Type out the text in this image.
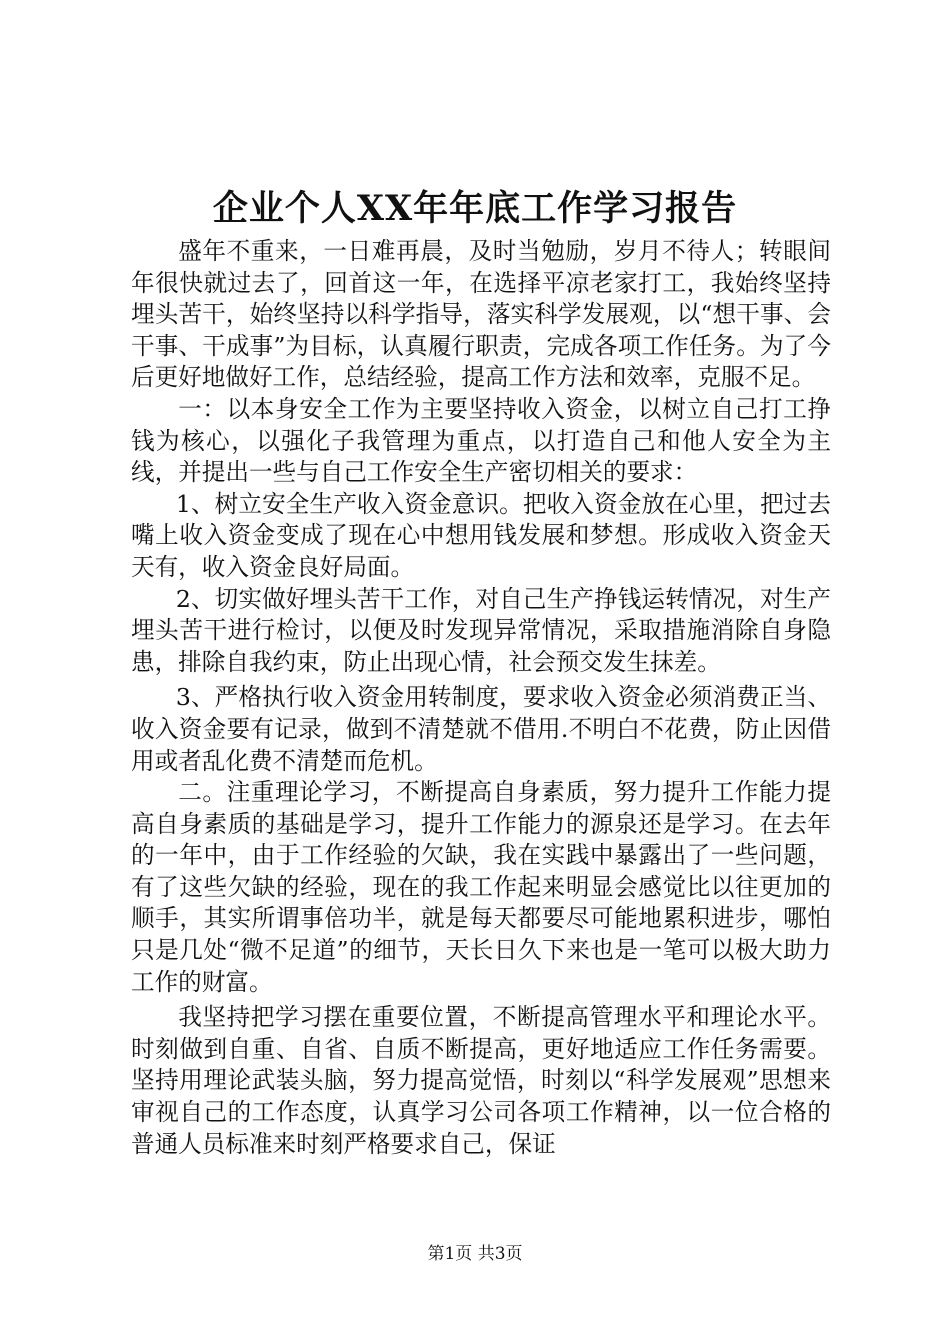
企业个人XX年年底工作学习报告

盛年不重来，一日难再晨，及时当勉励，岁月不待人；转眼间年很快就过去了，回首这一年，在选择平凉老家打工，我始终坚持埋头苦干，始终坚持以科学指导，落实科学发展观，以“想干事、会干事、干成事”为目标，认真履行职责，完成各项工作任务。为了今后更好地做好工作，总结经验，提高工作方法和效率，克服不足。

一：以本身安全工作为主要坚持收入资金，以树立自己打工挣钱为核心，以强化子我管理为重点，以打造自己和他人安全为主线，并提出一些与自己工作安全生产密切相关的要求：

1、树立安全生产收入资金意识。把收入资金放在心里，把过去嘴上收入资金变成了现在心中想用钱发展和梦想。形成收入资金天天有，收入资金良好局面。

2、切实做好埋头苦干工作，对自己生产挣钱运转情况，对生产埋头苦干进行检讨，以便及时发现异常情况，采取措施消除自身隐患，排除自我约束，防止出现心情，社会预交发生抹差。

3、严格执行收入资金用转制度，要求收入资金必须消费正当、收入资金要有记录，做到不清楚就不借用.不明白不花费，防止因借用或者乱化费不清楚而危机。

二。注重理论学习，不断提高自身素质，努力提升工作能力提高自身素质的基础是学习，提升工作能力的源泉还是学习。在去年的一年中，由于工作经验的欠缺，我在实践中暴露出了一些问题，有了这些欠缺的经验，现在的我工作起来明显会感觉比以往更加的顺手，其实所谓事倍功半，就是每天都要尽可能地累积进步，哪怕只是几处“微不足道”的细节，天长日久下来也是一笔可以极大助力工作的财富。

我坚持把学习摆在重要位置，不断提高管理水平和理论水平。时刻做到自重、自省、自质不断提高，更好地适应工作任务需要。坚持用理论武装头脑，努力提高觉悟，时刻以“科学发展观”思想来审视自己的工作态度，认真学习公司各项工作精神，以一位合格的普通人员标准来时刻严格要求自己，保证

第1页 共3页
